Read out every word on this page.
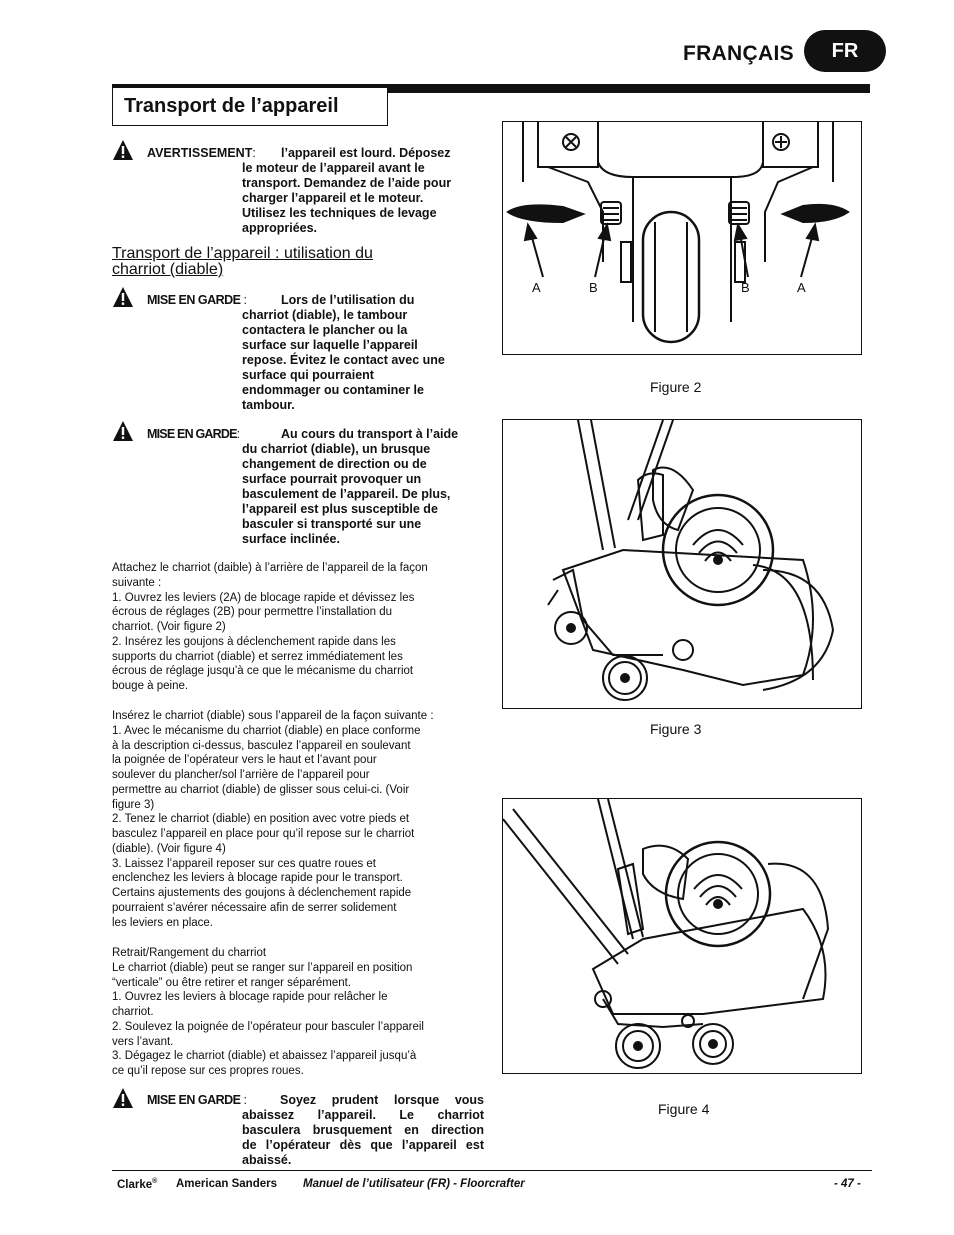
FRANÇAIS	FR
Transport de l’appareil
AVERTISSEMENT: l’appareil est lourd. Déposez
le moteur de l’appareil avant le
transport. Demandez de l’aide pour
charger l’appareil et le moteur.
Utilisez les techniques de levage
appropriées.
Transport de l’appareil : utilisation du
charriot (diable)
MISE EN GARDE :	Lors de l’utilisation du
charriot (diable), le tambour
contactera le plancher ou la
surface sur laquelle l’appareil
repose. Évitez le contact avec une
surface qui pourraient
endommager ou contaminer le
tambour.
MISE EN GARDE:	Au cours du transport à l’aide
du charriot (diable), un brusque
changement de direction ou de
surface pourrait provoquer un
basculement de l’appareil. De plus,
l’appareil est plus susceptible de
basculer si transporté sur une
surface inclinée.
Attachez le charriot (daible) à l’arrière de l’appareil de la façon
suivante :
1. Ouvrez les leviers (2A) de blocage rapide et dévissez les
écrous de réglages (2B) pour permettre l’installation du
charriot. (Voir figure 2)
2. Insérez les goujons à déclenchement rapide dans les
supports du charriot (diable) et serrez immédiatement les
écrous de réglage jusqu’à ce que le mécanisme du charriot
bouge à peine.
Insérez le charriot (diable) sous l’appareil de la façon suivante :
1. Avec le mécanisme du charriot (diable) en place conforme
à la description ci-dessus, basculez l’appareil en soulevant
la poignée de l’opérateur vers le haut et l’avant pour
soulever du plancher/sol l’arrière de l’appareil pour
permettre au charriot (diable) de glisser sous celui-ci. (Voir
figure 3)
2. Tenez le charriot (diable) en position avec votre pieds et
basculez l’appareil en place pour qu’il repose sur le charriot
(diable). (Voir figure 4)
3. Laissez l’appareil reposer sur ces quatre roues et
enclenchez les leviers à blocage rapide pour le transport.
Certains ajustements des goujons à déclenchement rapide
pourraient s’avérer nécessaire afin de serrer solidement
les leviers en place.
Retrait/Rangement du charriot
Le charriot (diable) peut se ranger sur l’appareil en position
“verticale” ou être retirer et ranger séparément.
1. Ouvrez les leviers à blocage rapide pour relâcher le
charriot.
2. Soulevez la poignée de l’opérateur pour basculer l’appareil
vers l’avant.
3. Dégagez le charriot (diable) et abaissez l’appareil jusqu’à
ce qu’il repose sur ces propres roues.
MISE EN GARDE :	Soyez prudent lorsque vous
abaissez l’appareil. Le charriot
basculera brusquement en direction
de l’opérateur dès que l’appareil est
abaissé.
A	B	B	A
Figure 2
Figure 3
Figure 4
Clarke® American Sanders Manuel de l’utilisateur (FR) - Floorcrafter	- 47 -
